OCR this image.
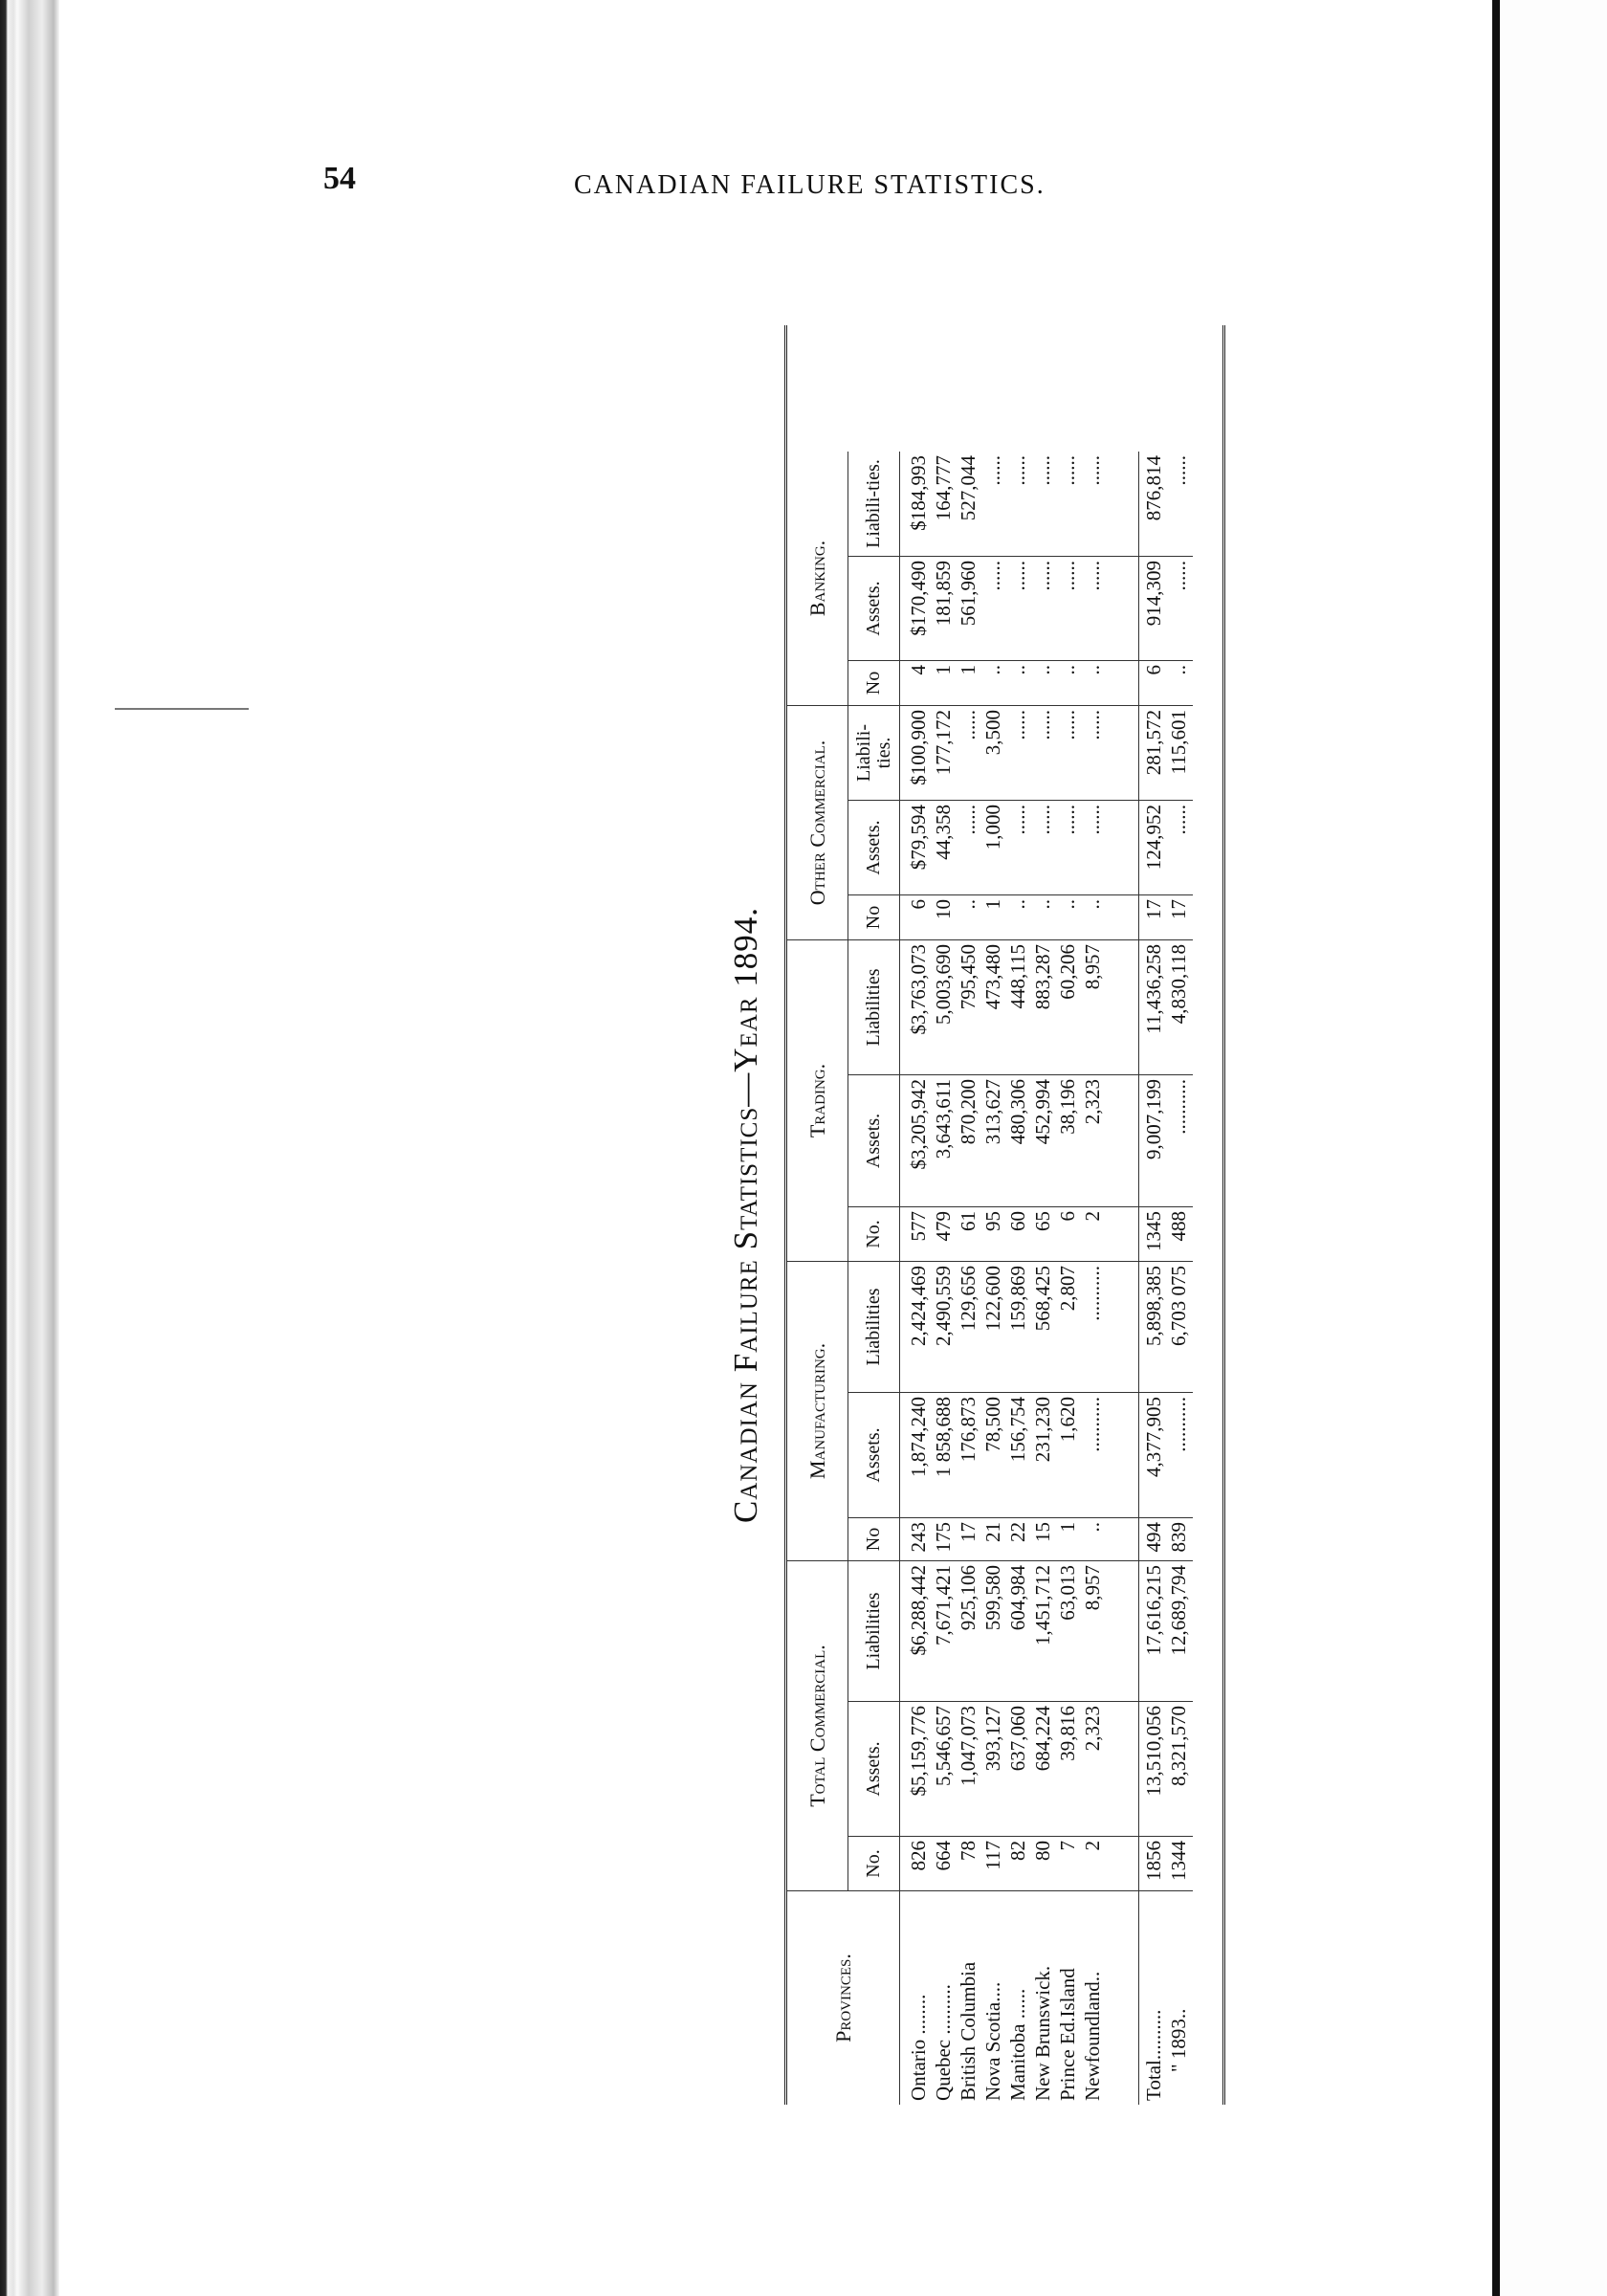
54	CANADIAN FAILURE STATISTICS.
Canadian Failure Statistics—Year 1894.
Provinces.
Total Commercial.
Manufacturing.
Trading.
Other Commercial.
Banking.
No.
Assets.
Liabilities
No
Assets.
Liabilities
No.
Assets.
Liabilities
No
Assets.
Liabili-ties.
No
Assets.
Liabili-ties.
Ontario ........ Quebec .......... British Columbia Nova Scotia.... Manitoba ...... New Brunswick. Prince Ed.Island Newfoundland..
826 664 78 117 82 80 7 2
$5,159,776 5,546,657 1,047,073 393,127 637,060 684,224 39,816 2,323
$6,288,442 7,671,421 925,106 599,580 604,984 1,451,712 63,013 8,957
243 175 17 21 22 15 1 ..
1,874,240 1 858,688 176,873 78,500 156,754 231,230 1,620 ...........
2,424,469 2,490,559 129,656 122,600 159,869 568,425 2,807 ...........
577 479 61 95 60 65 6 2
$3,205,942 3,643,611 870,200 313,627 480,306 452,994 38,196 2,323
$3,763,073 5,003,690 795,450 473,480 448,115 883,287 60,206 8,957
6 10 .. 1 .. .. .. ..
$79,594 44,358 ...... 1,000 ...... ...... ...... ......
$100,900 177,172 ...... 3,500 ...... ...... ...... ......
4 1 1 .. .. .. .. ..
$170,490 181,859 561,960 ...... ...... ...... ...... ......
$184,993 164,777 527,044 ...... ...... ...... ...... ......
Total.......... " 1893..
1856 1344
13,510,056 8,321,570
17,616,215 12,689,794
494 839
4,377,905 ...........
5,898,385 6,703 075
1345 488
9,007,199 ...........
11,436,258 4,830,118
17 17
124,952 ......
281,572 115,601
6 ..
914,309 ......
876,814 ......
